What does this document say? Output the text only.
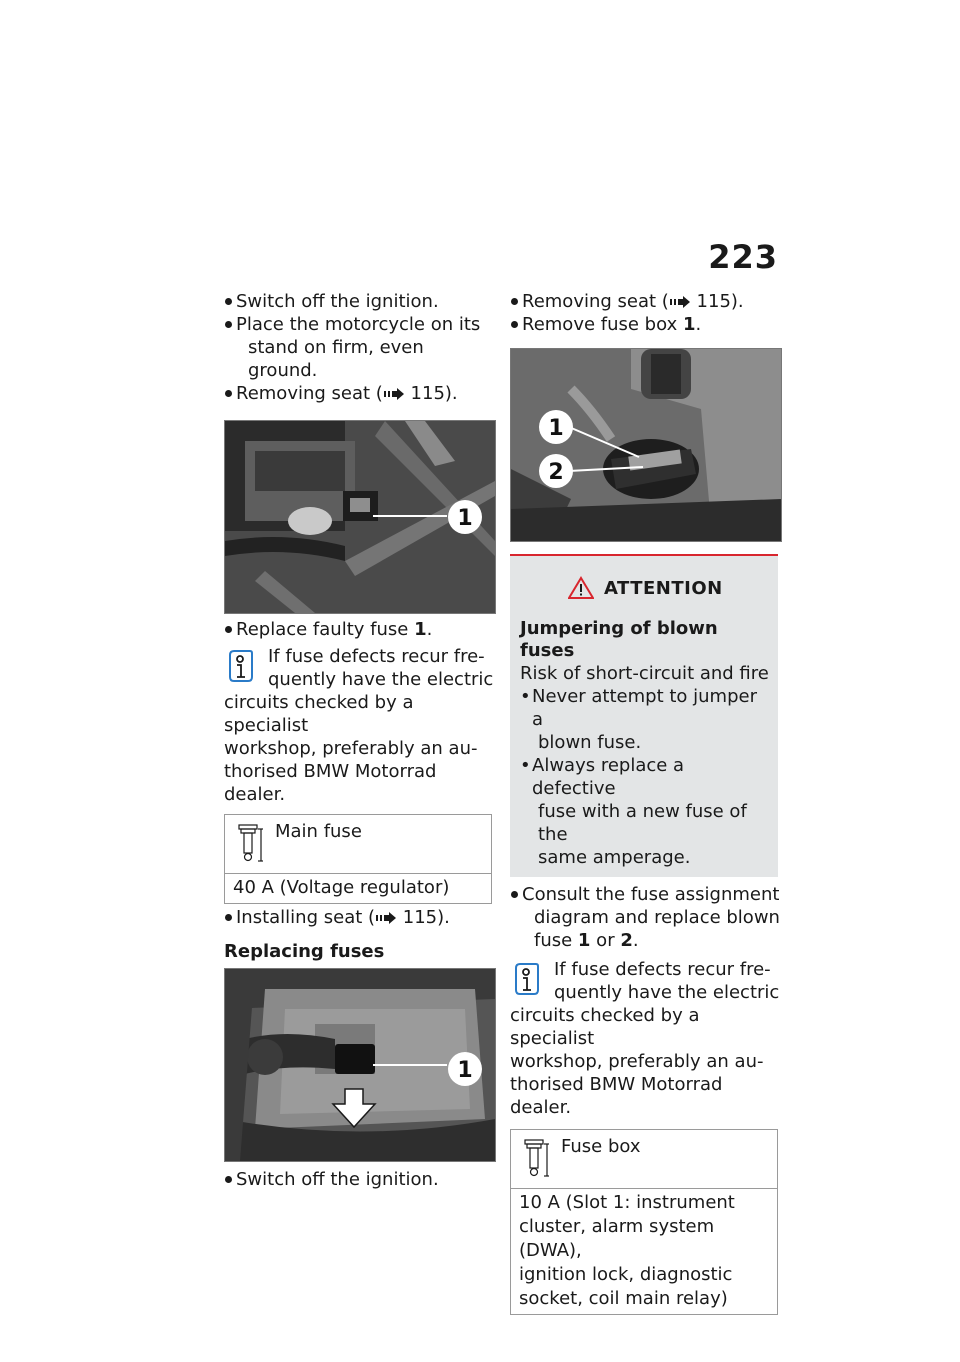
223
Switch off the ignition.
Place the motorcycle on its
stand on firm, even ground.
Removing seat ( 115).
1
Replace faulty fuse 1.
If fuse defects recur fre-
quently have the electric
circuits checked by a specialist
workshop, preferably an au-
thorised BMW Motorrad dealer.
Main fuse
40 A (Voltage regulator)
Installing seat ( 115).
Replacing fuses
1
Switch off the ignition.
Removing seat ( 115).
Remove fuse box 1.
1
2
ATTENTION
Jumpering of blown fuses
Risk of short-circuit and fire
• Never attempt to jumper a
blown fuse.
• Always replace a defective
fuse with a new fuse of the
same amperage.
Consult the fuse assignment
diagram and replace blown
fuse 1 or 2.
If fuse defects recur fre-
quently have the electric
circuits checked by a specialist
workshop, preferably an au-
thorised BMW Motorrad dealer.
Fuse box
10 A (Slot 1: instrument
cluster, alarm system (DWA),
ignition lock, diagnostic
socket, coil main relay)
